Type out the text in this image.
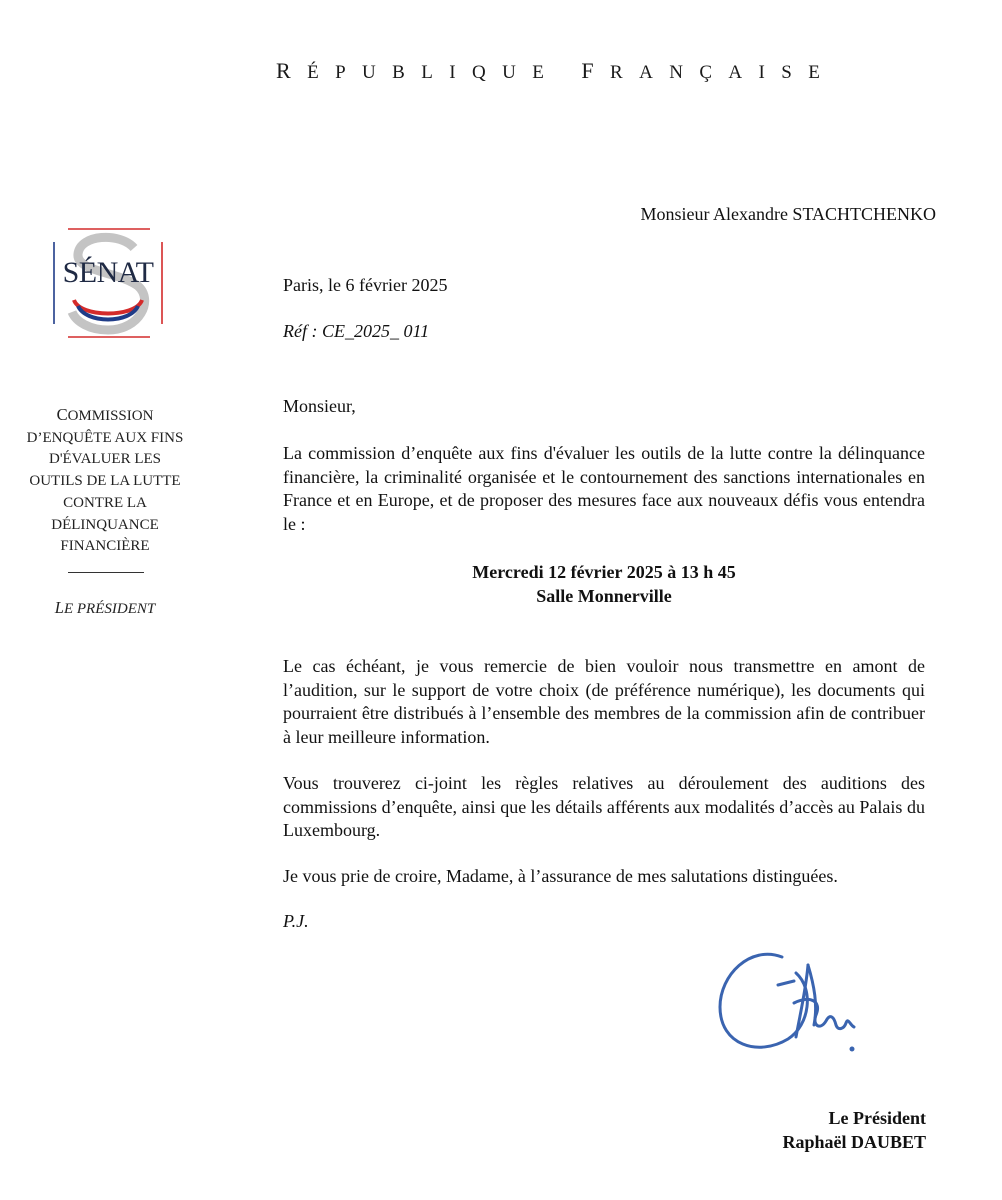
RÉPUBLIQUE FRANÇAISE
Monsieur Alexandre STACHTCHENKO
SÉNAT
COMMISSION
D’ENQUÊTE AUX FINS
D'ÉVALUER LES
OUTILS DE LA LUTTE
CONTRE LA
DÉLINQUANCE
FINANCIÈRE
LE PRÉSIDENT
Paris, le 6 février 2025
Réf : CE_2025_ 011
Monsieur,
La commission d’enquête aux fins d'évaluer les outils de la lutte contre la délinquance financière, la criminalité organisée et le contournement des sanctions internationales en France et en Europe, et de proposer des mesures face aux nouveaux défis vous entendra le :
Mercredi 12 février 2025 à 13 h 45
Salle Monnerville
Le cas échéant, je vous remercie de bien vouloir nous transmettre en amont de l’audition, sur le support de votre choix (de préférence numérique), les documents qui pourraient être distribués à l’ensemble des membres de la commission afin de contribuer à leur meilleure information.
Vous trouverez ci-joint les règles relatives au déroulement des auditions des commissions d’enquête, ainsi que les détails afférents aux modalités d’accès au Palais du Luxembourg.
Je vous prie de croire, Madame, à l’assurance de mes salutations distinguées.
P.J.
Le Président
Raphaël DAUBET
